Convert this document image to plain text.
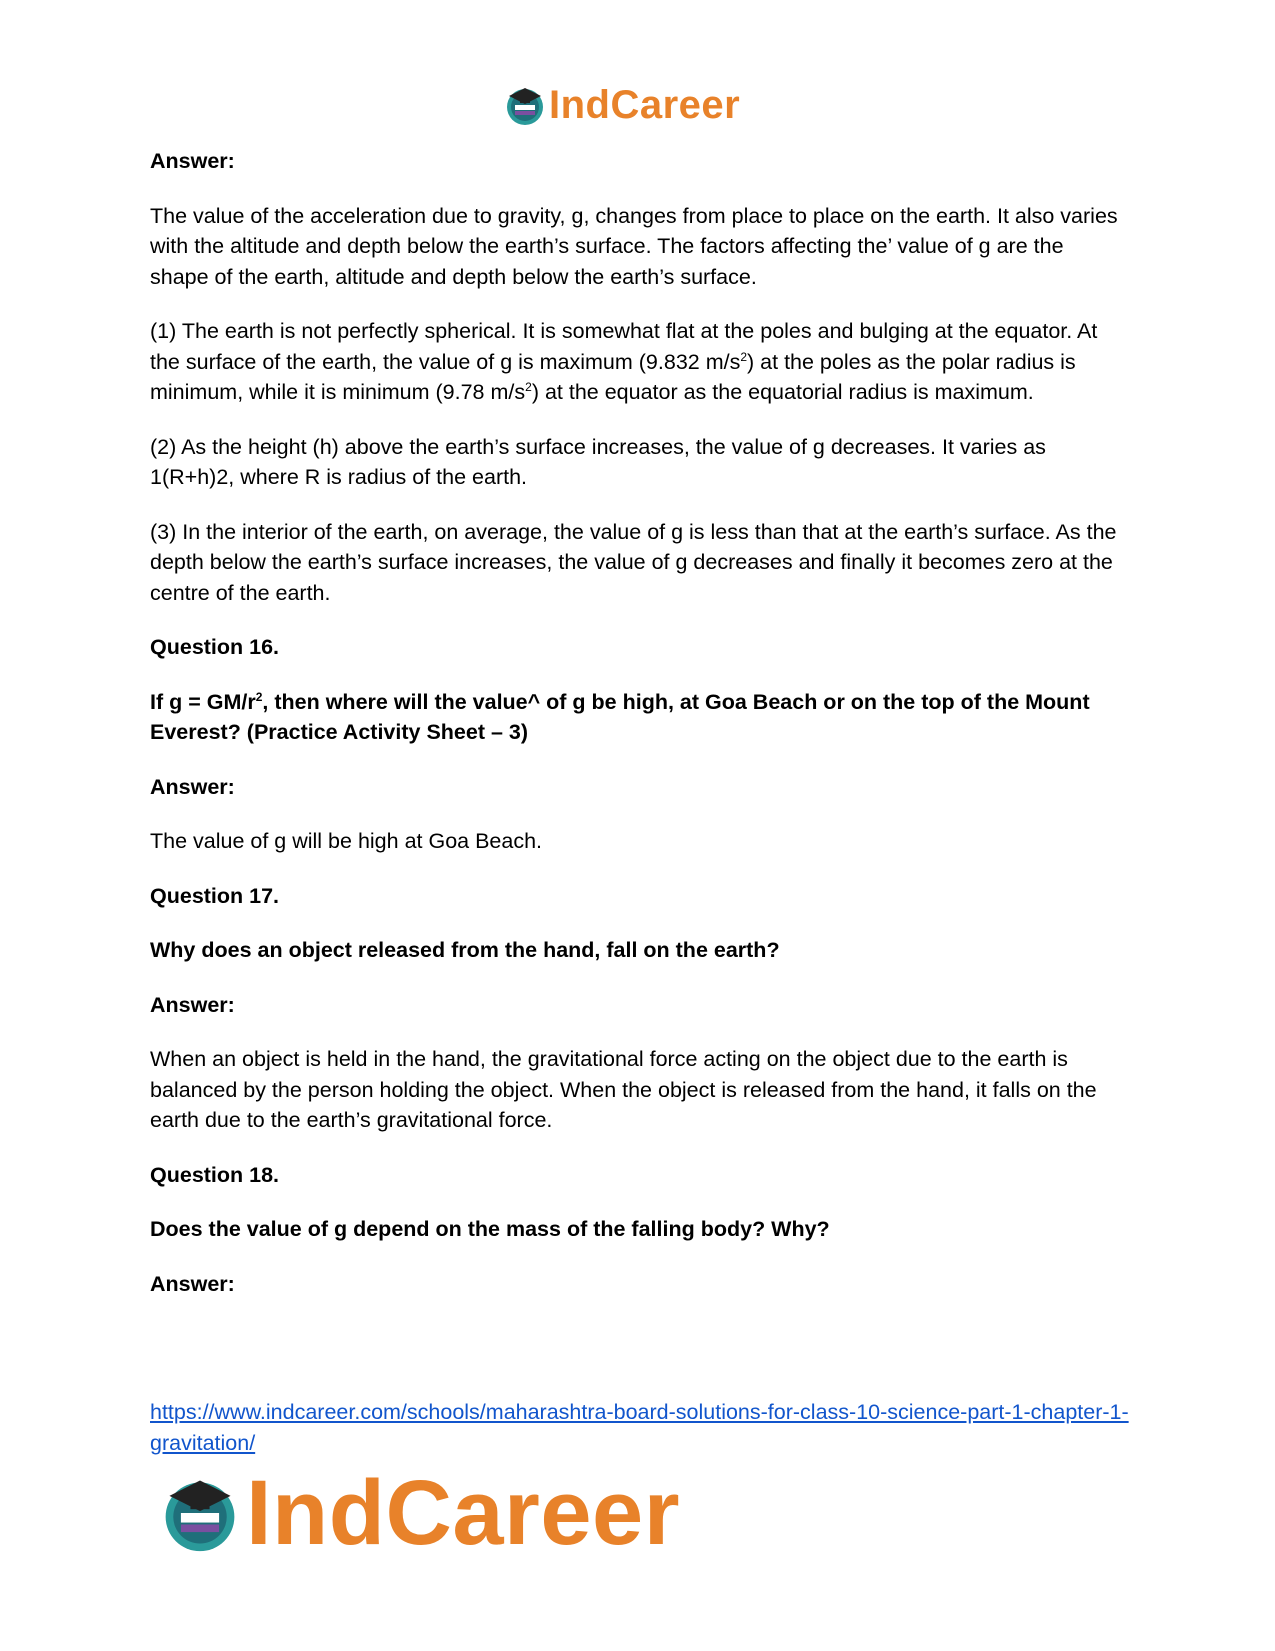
IndCareer

Answer:

The value of the acceleration due to gravity, g, changes from place to place on the earth. It also varies with the altitude and depth below the earth’s surface. The factors affecting the’ value of g are the shape of the earth, altitude and depth below the earth’s surface.

(1) The earth is not perfectly spherical. It is somewhat flat at the poles and bulging at the equator. At the surface of the earth, the value of g is maximum (9.832 $m/s^2$) at the poles as the polar radius is minimum, while it is minimum (9.78 $m/s^2$) at the equator as the equatorial radius is maximum.

(2) As the height (h) above the earth’s surface increases, the value of g decreases. It varies as 1(R+h)2, where R is radius of the earth.

(3) In the interior of the earth, on average, the value of g is less than that at the earth’s surface. As the depth below the earth’s surface increases, the value of g decreases and finally it becomes zero at the centre of the earth.

Question 16.

If $g = GM/r^2$, then where will the value^ of g be high, at Goa Beach or on the top of the Mount Everest? (Practice Activity Sheet – 3)

Answer:

The value of g will be high at Goa Beach.

Question 17.

Why does an object released from the hand, fall on the earth?

Answer:

When an object is held in the hand, the gravitational force acting on the object due to the earth is balanced by the person holding the object. When the object is released from the hand, it falls on the earth due to the earth’s gravitational force.

Question 18.

Does the value of g depend on the mass of the falling body? Why?

Answer:

https://www.indcareer.com/schools/maharashtra-board-solutions-for-class-10-science-part-1-chapter-1-gravitation/
IndCareer
